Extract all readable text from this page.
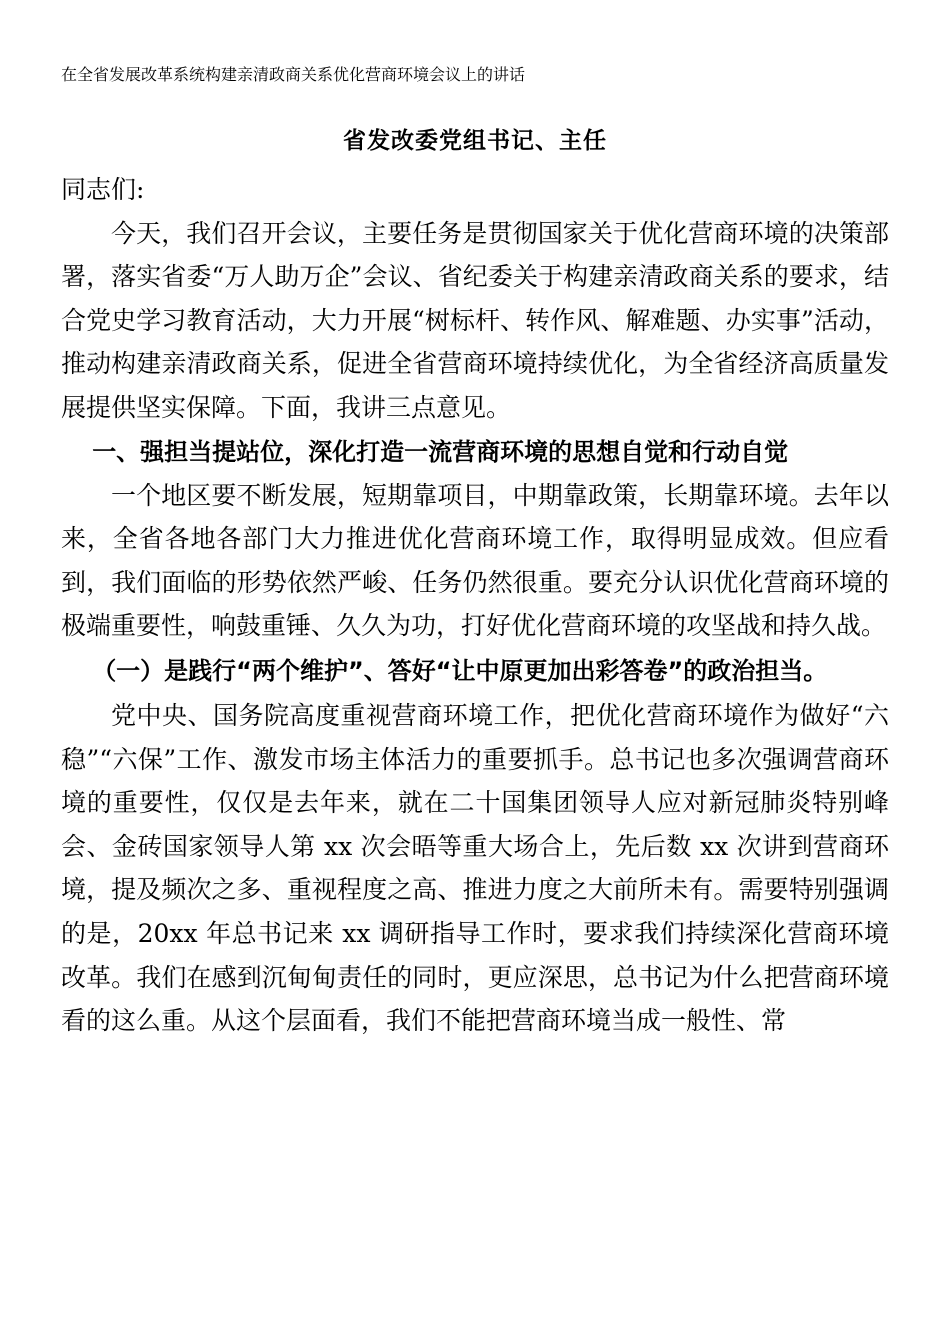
在全省发展改革系统构建亲清政商关系优化营商环境会议上的讲话
省发改委党组书记、主任

同志们:

今天，我们召开会议，主要任务是贯彻国家关于优化营商环境的决策部署，落实省委“万人助万企”会议、省纪委关于构建亲清政商关系的要求，结合党史学习教育活动，大力开展“树标杆、转作风、解难题、办实事”活动，推动构建亲清政商关系，促进全省营商环境持续优化，为全省经济高质量发展提供坚实保障。下面，我讲三点意见。

一、强担当提站位，深化打造一流营商环境的思想自觉和行动自觉

一个地区要不断发展，短期靠项目，中期靠政策，长期靠环境。去年以来，全省各地各部门大力推进优化营商环境工作，取得明显成效。但应看到，我们面临的形势依然严峻、任务仍然很重。要充分认识优化营商环境的极端重要性，响鼓重锤、久久为功，打好优化营商环境的攻坚战和持久战。

（一）是践行“两个维护”、答好“让中原更加出彩答卷”的政治担当。

党中央、国务院高度重视营商环境工作，把优化营商环境作为做好“六稳”“六保”工作、激发市场主体活力的重要抓手。总书记也多次强调营商环境的重要性，仅仅是去年来，就在二十国集团领导人应对新冠肺炎特别峰会、金砖国家领导人第 xx 次会晤等重大场合上，先后数 xx 次讲到营商环境，提及频次之多、重视程度之高、推进力度之大前所未有。需要特别强调的是，20xx 年总书记来 xx 调研指导工作时，要求我们持续深化营商环境改革。我们在感到沉甸甸责任的同时，更应深思，总书记为什么把营商环境看的这么重。从这个层面看，我们不能把营商环境当成一般性、常
